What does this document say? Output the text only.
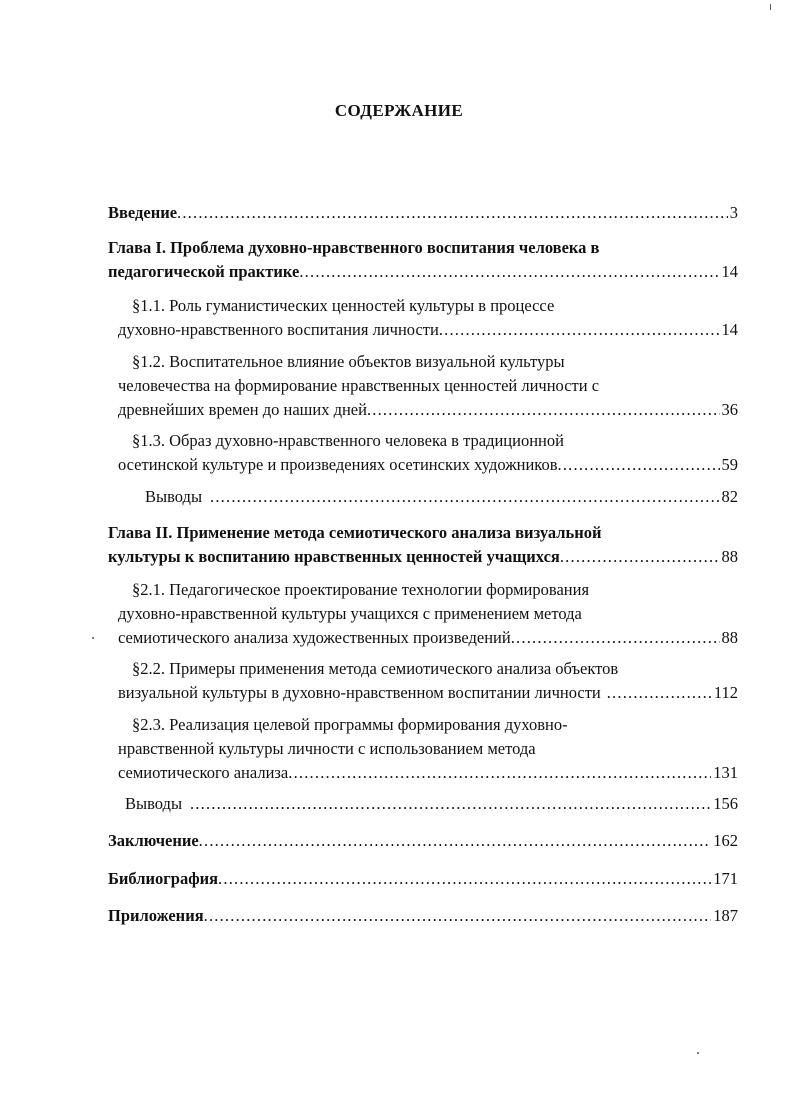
СОДЕРЖАНИЕ
Введение .....	3
Глава I. Проблема духовно-нравственного воспитания человека в
педагогической практике .....	14
§1.1. Роль гуманистических ценностей культуры в процессе
духовно-нравственного воспитания личности .....	14
§1.2. Воспитательное влияние объектов визуальной культуры
человечества на формирование нравственных ценностей личности с
древнейших времен до наших дней .....	36
§1.3. Образ духовно-нравственного человека в традиционной
осетинской культуре и произведениях осетинских художников .....	59
Выводы .....	82
Глава II. Применение метода семиотического анализа визуальной
культуры к воспитанию нравственных ценностей учащихся .....	88
§2.1. Педагогическое проектирование технологии формирования
духовно-нравственной культуры учащихся с применением метода
семиотического анализа художественных произведений .....	88
§2.2. Примеры применения метода семиотического анализа объектов
визуальной культуры в духовно-нравственном воспитании личности .....	112
§2.3. Реализация целевой программы формирования духовно-
нравственной культуры личности с использованием метода
семиотического анализа .....	131
Выводы .....	156
Заключение .....	162
Библиография .....	171
Приложения .....	187
